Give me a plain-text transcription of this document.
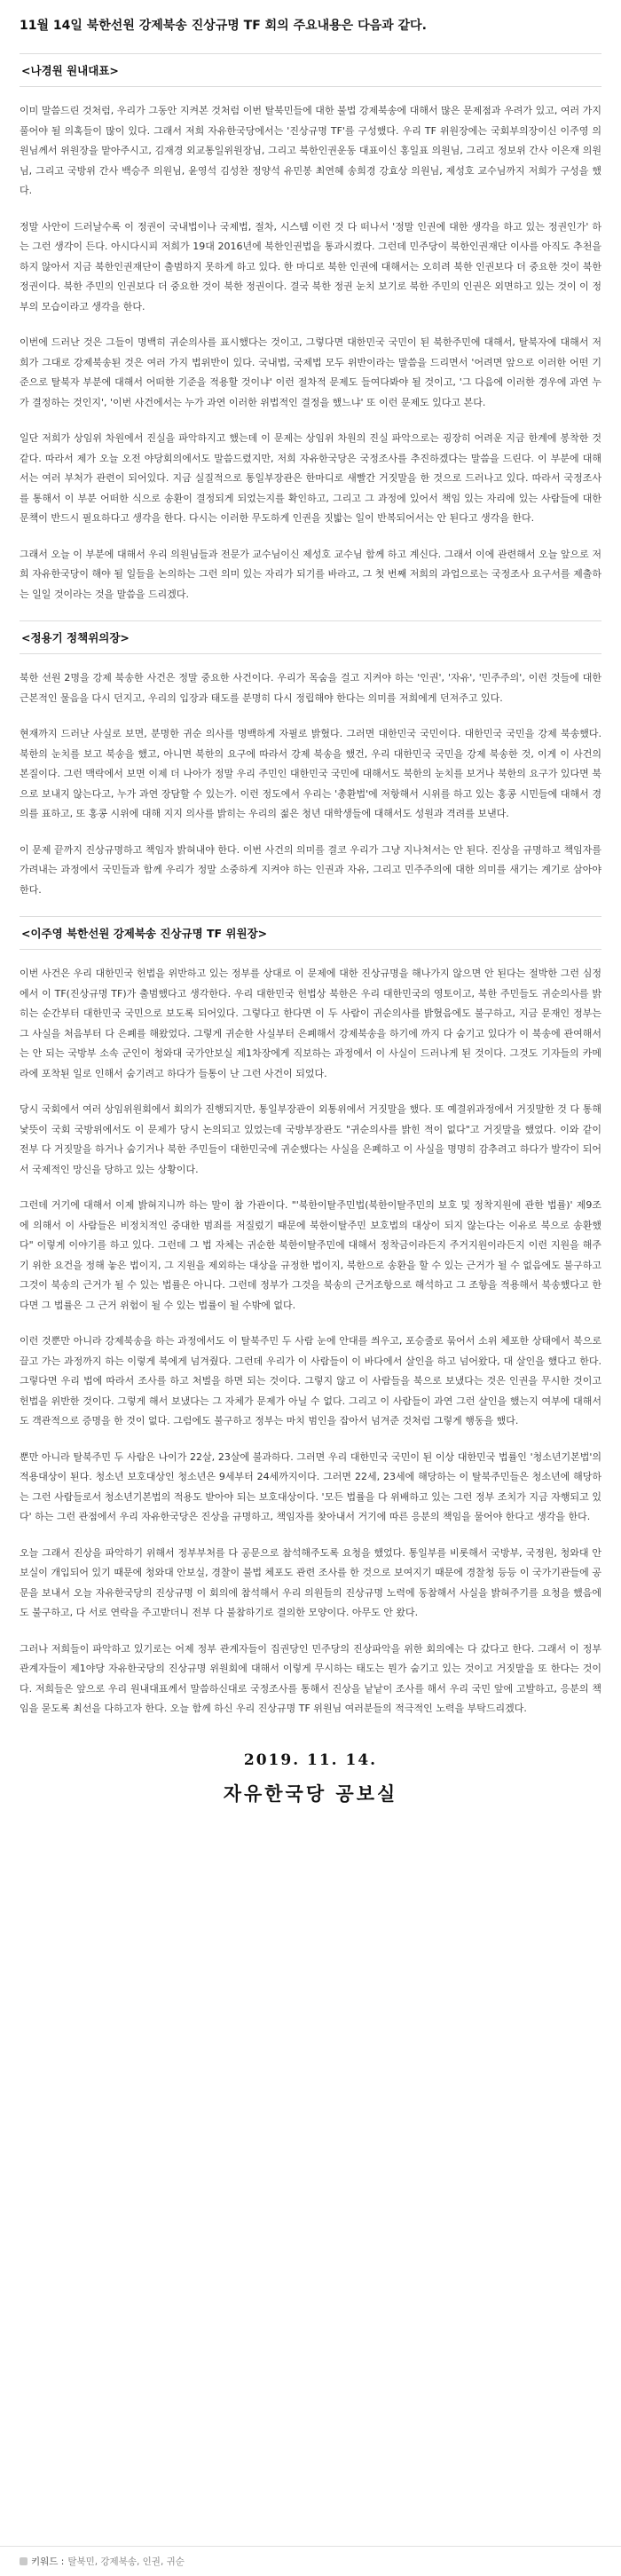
11월 14일 북한선원 강제북송 진상규명 TF 회의 주요내용은 다음과 같다.
<나경원 원내대표>

이미 말씀드린 것처럼, 우리가 그동안 지켜본 것처럼 이번 탈북민들에 대한 불법 강제북송에 대해서 많은 문제점과 우려가 있고, 여러 가지 풀어야 될 의혹들이 많이 있다. 그래서 저희 자유한국당에서는 '진상규명 TF'를 구성했다. 우리 TF 위원장에는 국회부의장이신 이주영 의원님께서 위원장을 맡아주시고, 김재경 외교통일위원장님, 그리고 북한인권운동 대표이신 홍일표 의원님, 그리고 정보위 간사 이은재 의원님, 그리고 국방위 간사 백승주 의원님, 윤영석 김성찬 정양석 유민봉 최연혜 송희경 강효상 의원님, 제성호 교수님까지 저희가 구성을 했다.

정말 사안이 드러날수록 이 정권이 국내법이나 국제법, 절차, 시스템 이런 것 다 떠나서 '정말 인권에 대한 생각을 하고 있는 정권인가' 하는 그런 생각이 든다. 아시다시피 저희가 19대 2016년에 북한인권법을 통과시켰다. 그런데 민주당이 북한인권재단 이사를 아직도 추천을 하지 않아서 지금 북한인권재단이 출범하지 못하게 하고 있다. 한 마디로 북한 인권에 대해서는 오히려 북한 인권보다 더 중요한 것이 북한 정권이다. 북한 주민의 인권보다 더 중요한 것이 북한 정권이다. 결국 북한 정권 눈치 보기로 북한 주민의 인권은 외면하고 있는 것이 이 정부의 모습이라고 생각을 한다.

이번에 드러난 것은 그들이 명백히 귀순의사를 표시했다는 것이고, 그렇다면 대한민국 국민이 된 북한주민에 대해서, 탈북자에 대해서 저희가 그대로 강제북송된 것은 여러 가지 법위반이 있다. 국내법, 국제법 모두 위반이라는 말씀을 드리면서 '어려면 앞으로 이러한 어떤 기준으로 탈북자 부분에 대해서 어떠한 기준을 적용할 것이냐' 이런 절차적 문제도 들여다봐야 될 것이고, '그 다음에 이러한 경우에 과연 누가 결정하는 것인지', '이번 사건에서는 누가 과연 이러한 위법적인 결정을 했느냐' 또 이런 문제도 있다고 본다.

일단 저희가 상임위 차원에서 진실을 파악하지고 했는데 이 문제는 상임위 차원의 진실 파악으로는 굉장히 어려운 지금 한계에 봉착한 것 같다. 따라서 제가 오늘 오전 야당회의에서도 말씀드렸지만, 저희 자유한국당은 국정조사를 추진하겠다는 말씀을 드린다. 이 부분에 대해서는 여러 부처가 관련이 되어있다. 지금 실질적으로 통일부장관은 한마디로 새빨간 거짓말을 한 것으로 드러나고 있다. 따라서 국정조사를 통해서 이 부분 어떠한 식으로 송환이 결정되게 되었는지를 확인하고, 그리고 그 과정에 있어서 책임 있는 자리에 있는 사람들에 대한 문책이 반드시 필요하다고 생각을 한다. 다시는 이러한 무도하게 인권을 짓밟는 일이 반복되어서는 안 된다고 생각을 한다.

그래서 오늘 이 부분에 대해서 우리 의원님들과 전문가 교수님이신 제성호 교수님 함께 하고 계신다. 그래서 이에 관련해서 오늘 앞으로 저희 자유한국당이 해야 될 일들을 논의하는 그런 의미 있는 자리가 되기를 바라고, 그 첫 번째 저희의 과업으로는 국정조사 요구서를 제출하는 일일 것이라는 것을 말씀을 드리겠다.

<정용기 정책위의장>

북한 선원 2명을 강제 북송한 사건은 정말 중요한 사건이다. 우리가 목숨을 걸고 지켜야 하는 '인권', '자유', '민주주의', 이런 것들에 대한 근본적인 물음을 다시 던지고, 우리의 입장과 태도를 분명히 다시 정립해야 한다는 의미를 저희에게 던져주고 있다.

현재까지 드러난 사실로 보면, 분명한 귀순 의사를 명백하게 자필로 밝혔다. 그러면 대한민국 국민이다. 대한민국 국민을 강제 북송했다. 북한의 눈치를 보고 북송을 했고, 아니면 북한의 요구에 따라서 강제 북송을 했건, 우리 대한민국 국민을 강제 북송한 것, 이게 이 사건의 본질이다. 그런 맥락에서 보면 이제 더 나아가 정말 우리 주민인 대한민국 국민에 대해서도 북한의 눈치를 보거나 북한의 요구가 있다면 북으로 보내지 않는다고, 누가 과연 장담할 수 있는가. 이런 정도에서 우리는 '총환법'에 저항해서 시위를 하고 있는 홍콩 시민들에 대해서 경의를 표하고, 또 홍콩 시위에 대해 지지 의사를 밝히는 우리의 젊은 청년 대학생들에 대해서도 성원과 격려를 보낸다.

이 문제 끝까지 진상규명하고 책임자 밝혀내야 한다. 이번 사건의 의미를 결코 우리가 그냥 지나쳐서는 안 된다. 진상을 규명하고 책임자를 가려내는 과정에서 국민들과 함께 우리가 정말 소중하게 지켜야 하는 인권과 자유, 그리고 민주주의에 대한 의미를 새기는 계기로 삼아야 한다.

<이주영 북한선원 강제북송 진상규명 TF 위원장>

이번 사건은 우리 대한민국 헌법을 위반하고 있는 정부를 상대로 이 문제에 대한 진상규명을 해나가지 않으면 안 된다는 절박한 그런 심정에서 이 TF(진상규명 TF)가 출범했다고 생각한다. 우리 대한민국 헌법상 북한은 우리 대한민국의 영토이고, 북한 주민들도 귀순의사를 밝히는 순간부터 대한민국 국민으로 보도록 되어있다. 그렇다고 한다면 이 두 사람이 귀순의사를 밝혔음에도 불구하고, 지금 문재인 정부는 그 사실을 처음부터 다 은폐를 해왔었다. 그렇게 귀순한 사실부터 은폐해서 강제북송을 하기에 까지 다 숨기고 있다가 이 북송에 관여해서는 안 되는 국방부 소속 군인이 청와대 국가안보실 제1차장에게 직보하는 과정에서 이 사실이 드러나게 된 것이다. 그것도 기자들의 카메라에 포착된 일로 인해서 숨기려고 하다가 들통이 난 그런 사건이 되었다.

당시 국회에서 여러 상임위원회에서 회의가 진행되지만, 통일부장관이 외통위에서 거짓말을 했다. 또 예결위과정에서 거짓말한 것 다 통해 낯뜻이 국회 국방위에서도 이 문제가 당시 논의되고 있었는데 국방부장관도 "귀순의사를 밝힌 적이 없다"고 거짓말을 했었다. 이와 같이 전부 다 거짓말을 하거나 숨기거나 북한 주민들이 대한민국에 귀순했다는 사실을 은폐하고 이 사실을 명명히 감추려고 하다가 발각이 되어서 국제적인 망신을 당하고 있는 상황이다.

그런데 거기에 대해서 이제 밝혀지니까 하는 말이 참 가관이다. "'북한이탈주민법(북한이탈주민의 보호 및 정착지원에 관한 법률)' 제9조에 의해서 이 사람들은 비정치적인 중대한 범죄를 저질렀기 때문에 북한이탈주민 보호법의 대상이 되지 않는다는 이유로 북으로 송환했다" 이렇게 이야기를 하고 있다. 그런데 그 법 자체는 귀순한 북한이탈주민에 대해서 정착금이라든지 주거지원이라든지 이런 지원을 해주기 위한 요건을 정해 놓은 법이지, 그 지원을 제외하는 대상을 규정한 법이지, 북한으로 송환을 할 수 있는 근거가 될 수 없음에도 불구하고 그것이 북송의 근거가 될 수 있는 법률은 아니다. 그런데 정부가 그것을 북송의 근거조항으로 해석하고 그 조항을 적용해서 북송했다고 한다면 그 법률은 그 근거 위험이 될 수 있는 법률이 될 수밖에 없다.

이런 것뿐만 아니라 강제북송을 하는 과정에서도 이 탈북주민 두 사람 눈에 안대를 씌우고, 포승줄로 묶어서 소위 체포한 상태에서 북으로 끌고 가는 과정까지 하는 이렇게 북에게 넘겨줬다. 그런데 우리가 이 사람들이 이 바다에서 살인을 하고 넘어왔다, 대 살인을 했다고 한다. 그렇다면 우리 법에 따라서 조사를 하고 처벌을 하면 되는 것이다. 그렇지 않고 이 사람들을 북으로 보냈다는 것은 인권을 무시한 것이고 헌법을 위반한 것이다. 그렇게 해서 보냈다는 그 자체가 문제가 아닐 수 없다. 그리고 이 사람들이 과연 그런 살인을 했는지 여부에 대해서도 객관적으로 증명을 한 것이 없다. 그럼에도 불구하고 정부는 마치 범인을 잡아서 넘겨준 것처럼 그렇게 행동을 했다.

뿐만 아니라 탈북주민 두 사람은 나이가 22살, 23살에 불과하다. 그러면 우리 대한민국 국민이 된 이상 대한민국 법률인 '청소년기본법'의 적용대상이 된다. 청소년 보호대상인 청소년은 9세부터 24세까지이다. 그러면 22세, 23세에 해당하는 이 탈북주민들은 청소년에 해당하는 그런 사람들로서 청소년기본법의 적용도 받아야 되는 보호대상이다. '모든 법률을 다 위배하고 있는 그런 정부 조치가 지금 자행되고 있다' 하는 그런 관점에서 우리 자유한국당은 진상을 규명하고, 책임자를 찾아내서 거기에 따른 응분의 책임을 물어야 한다고 생각을 한다.

오늘 그래서 진상을 파악하기 위해서 정부부처를 다 공문으로 참석해주도록 요청을 했었다. 통일부를 비롯해서 국방부, 국정원, 청와대 안보실이 개입되어 있기 때문에 청와대 안보실, 경찰이 불법 체포도 관련 조사를 한 것으로 보여지기 때문에 경찰청 등등 이 국가기관들에 공문을 보내서 오늘 자유한국당의 진상규명 이 회의에 참석해서 우리 의원들의 진상규명 노력에 동참해서 사실을 밝혀주기를 요청을 했음에도 불구하고, 다 서로 연락을 주고받더니 전부 다 불참하기로 결의한 모양이다. 아무도 안 왔다.

그러나 저희들이 파악하고 있기로는 어제 정부 관계자들이 집권당인 민주당의 진상파악을 위한 회의에는 다 갔다고 한다. 그래서 이 정부 관계자들이 제1야당 자유한국당의 진상규명 위원회에 대해서 이렇게 무시하는 태도는 뭔가 숨기고 있는 것이고 거짓말을 또 한다는 것이다. 저희들은 앞으로 우리 원내대표께서 말씀하신대로 국정조사를 통해서 진상을 낱낱이 조사를 해서 우리 국민 앞에 고발하고, 응분의 책임을 묻도록 최선을 다하고자 한다. 오늘 함께 하신 우리 진상규명 TF 위원님 여러분들의 적극적인 노력을 부탁드리겠다.

2019. 11. 14.
자유한국당 공보실
키워드 : 탈북민, 강제북송, 인권, 귀순
